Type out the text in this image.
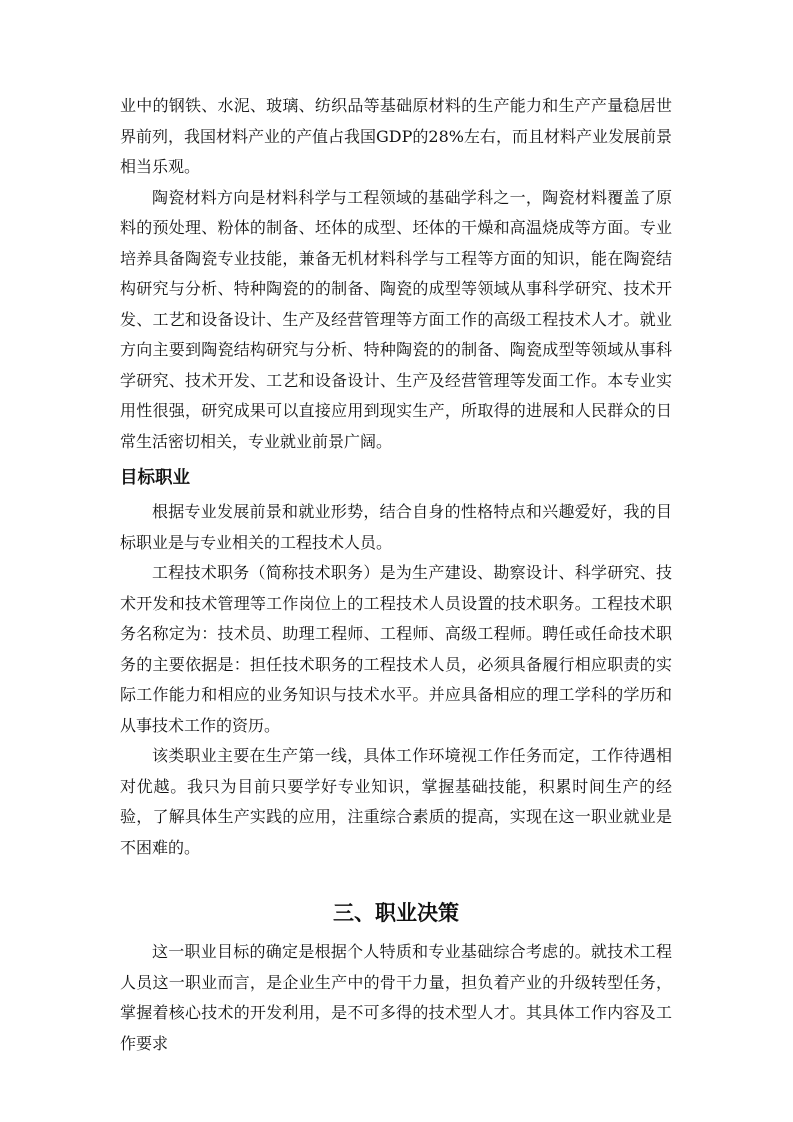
业中的钢铁、水泥、玻璃、纺织品等基础原材料的生产能力和生产产量稳居世界前列，我国材料产业的产值占我国GDP的28%左右，而且材料产业发展前景相当乐观。

陶瓷材料方向是材料科学与工程领域的基础学科之一，陶瓷材料覆盖了原料的预处理、粉体的制备、坯体的成型、坯体的干燥和高温烧成等方面。专业培养具备陶瓷专业技能，兼备无机材料科学与工程等方面的知识，能在陶瓷结构研究与分析、特种陶瓷的的制备、陶瓷的成型等领域从事科学研究、技术开发、工艺和设备设计、生产及经营管理等方面工作的高级工程技术人才。就业方向主要到陶瓷结构研究与分析、特种陶瓷的的制备、陶瓷成型等领域从事科学研究、技术开发、工艺和设备设计、生产及经营管理等发面工作。本专业实用性很强，研究成果可以直接应用到现实生产，所取得的进展和人民群众的日常生活密切相关，专业就业前景广阔。

目标职业

根据专业发展前景和就业形势，结合自身的性格特点和兴趣爱好，我的目标职业是与专业相关的工程技术人员。

工程技术职务（简称技术职务）是为生产建设、勘察设计、科学研究、技术开发和技术管理等工作岗位上的工程技术人员设置的技术职务。工程技术职务名称定为：技术员、助理工程师、工程师、高级工程师。聘任或任命技术职务的主要依据是：担任技术职务的工程技术人员，必须具备履行相应职责的实际工作能力和相应的业务知识与技术水平。并应具备相应的理工学科的学历和从事技术工作的资历。

该类职业主要在生产第一线，具体工作环境视工作任务而定，工作待遇相对优越。我只为目前只要学好专业知识，掌握基础技能，积累时间生产的经验，了解具体生产实践的应用，注重综合素质的提高，实现在这一职业就业是不困难的。

三、职业决策

这一职业目标的确定是根据个人特质和专业基础综合考虑的。就技术工程人员这一职业而言，是企业生产中的骨干力量，担负着产业的升级转型任务，掌握着核心技术的开发利用，是不可多得的技术型人才。其具体工作内容及工作要求
